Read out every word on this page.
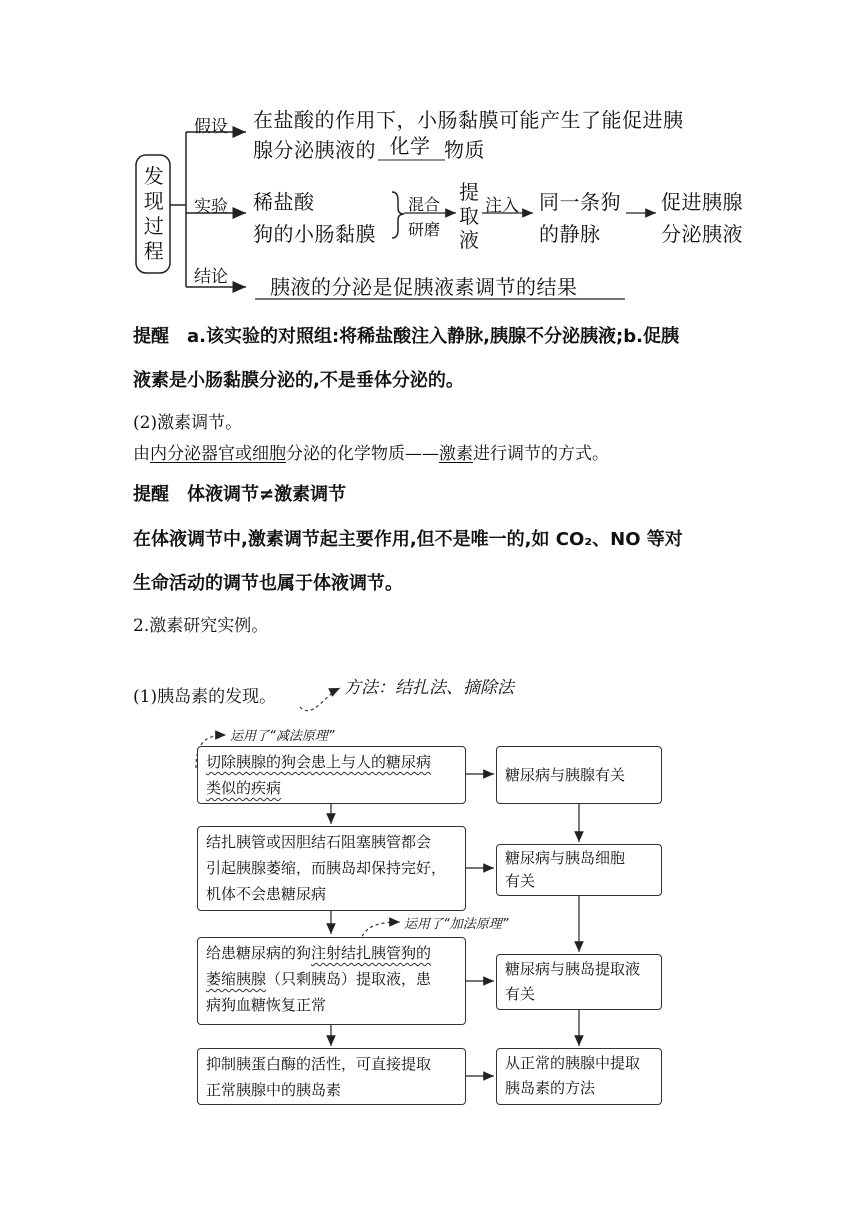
发现过程
假设 在盐酸的作用下，小肠黏膜可能产生了能促进胰
腺分泌胰液的 化学 物质
实验 稀盐酸
狗的小肠黏膜
混合
研磨
提取液
注入 同一条狗
的静脉
促进胰腺
分泌胰液
结论 胰液的分泌是促胰液素调节的结果
提醒　a.该实验的对照组:将稀盐酸注入静脉,胰腺不分泌胰液;b.促胰
液素是小肠黏膜分泌的,不是垂体分泌的。
(2)激素调节。
由内分泌器官或细胞分泌的化学物质——激素进行调节的方式。
提醒　体液调节≠激素调节
在体液调节中,激素调节起主要作用,但不是唯一的,如 CO₂、NO 等对
生命活动的调节也属于体液调节。
2.激素研究实例。
(1)胰岛素的发现。	方法：结扎法、摘除法
运用了“减法原理”
运用了“加法原理”
切除胰腺的狗会患上与人的糖尿病
类似的疾病
结扎胰管或因胆结石阻塞胰管都会
引起胰腺萎缩，而胰岛却保持完好，
机体不会患糖尿病
给患糖尿病的狗注射结扎胰管狗的
萎缩胰腺（只剩胰岛）提取液，患
病狗血糖恢复正常
抑制胰蛋白酶的活性，可直接提取
正常胰腺中的胰岛素
糖尿病与胰腺有关
糖尿病与胰岛细胞
有关
糖尿病与胰岛提取液
有关
从正常的胰腺中提取
胰岛素的方法
